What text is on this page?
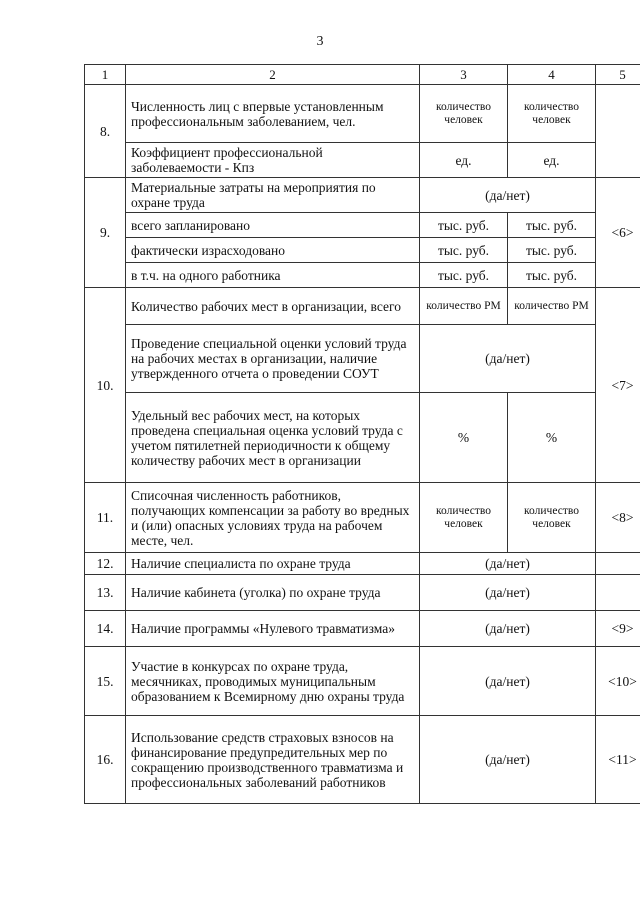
3
1	2	3	4	5
8.	Численность лиц с впервые установленным профессиональным заболеванием, чел.	количество человек	количество человек	
	Коэффициент профессиональной заболеваемости - Кпз	ед.	ед.	
9.	Материальные затраты на мероприятия по охране труда	(да/нет)		<6>
	всего запланировано	тыс. руб.	тыс. руб.	
	фактически израсходовано	тыс. руб.	тыс. руб.	
	в т.ч. на одного работника	тыс. руб.	тыс. руб.	
10.	Количество рабочих мест в организации, всего	количество РМ	количество РМ	<7>
	Проведение специальной оценки условий труда на рабочих местах в организации, наличие утвержденного отчета о проведении СОУТ	(да/нет)		
	Удельный вес рабочих мест, на которых проведена специальная оценка условий труда с учетом пятилетней периодичности к общему количеству рабочих мест в организации	%	%	
11.	Списочная численность работников, получающих компенсации за работу во вредных и (или) опасных условиях труда на рабочем месте, чел.	количество человек	количество человек	<8>
12.	Наличие специалиста по охране труда	(да/нет)		
13.	Наличие кабинета (уголка) по охране труда	(да/нет)		
14.	Наличие программы «Нулевого травматизма»	(да/нет)		<9>
15.	Участие в конкурсах по охране труда, месячниках, проводимых муниципальным образованием к Всемирному дню охраны труда	(да/нет)		<10>
16.	Использование средств страховых взносов на финансирование предупредительных мер по сокращению производственного травматизма и профессиональных заболеваний работников	(да/нет)		<11>
